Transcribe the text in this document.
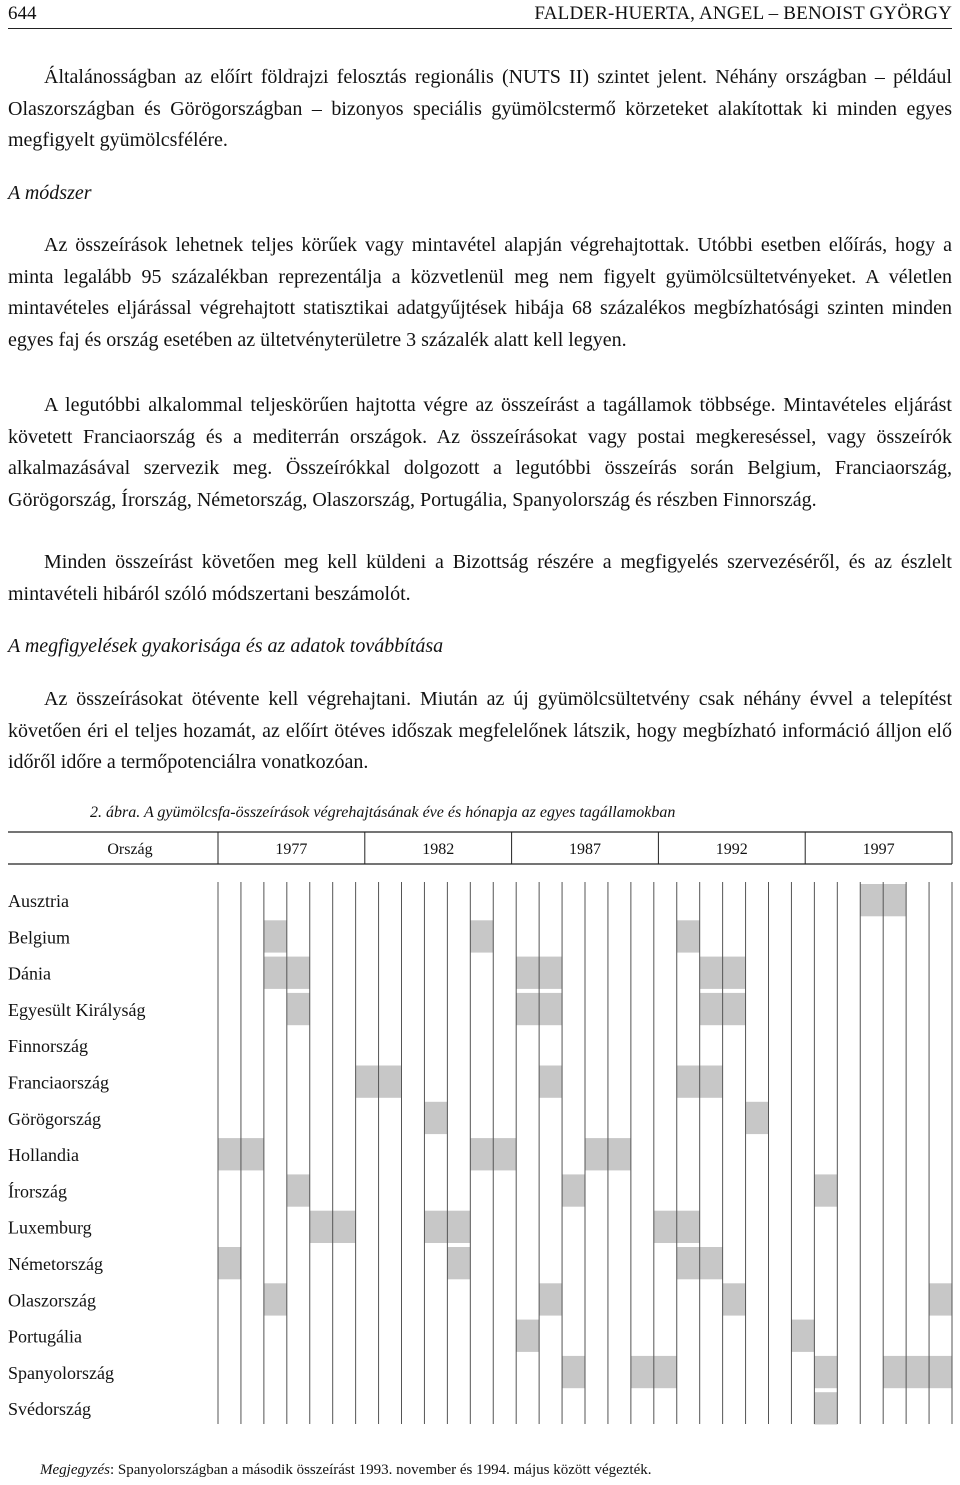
644	FALDER-HUERTA, ANGEL – BENOIST GYÖRGY

Általánosságban az előírt földrajzi felosztás regionális (NUTS II) szintet jelent. Néhány országban – például Olaszországban és Görögországban – bizonyos speciális gyümölcstermő körzeteket alakítottak ki minden egyes megfigyelt gyümölcsfélére.

A módszer

Az összeírások lehetnek teljes körűek vagy mintavétel alapján végrehajtottak. Utóbbi esetben előírás, hogy a minta legalább 95 százalékban reprezentálja a közvetlenül meg nem figyelt gyümölcsültetvényeket. A véletlen mintavételes eljárással végrehajtott statisztikai adatgyűjtések hibája 68 százalékos megbízhatósági szinten minden egyes faj és ország esetében az ültetvényterületre 3 százalék alatt kell legyen.

A legutóbbi alkalommal teljeskörűen hajtotta végre az összeírást a tagállamok többsége. Mintavételes eljárást követett Franciaország és a mediterrán országok. Az összeírásokat vagy postai megkereséssel, vagy összeírók alkalmazásával szervezik meg. Összeírókkal dolgozott a legutóbbi összeírás során Belgium, Franciaország, Görögország, Írország, Németország, Olaszország, Portugália, Spanyolország és részben Finnország.

Minden összeírást követően meg kell küldeni a Bizottság részére a megfigyelés szervezéséről, és az észlelt mintavételi hibáról szóló módszertani beszámolót.

A megfigyelések gyakorisága és az adatok továbbítása

Az összeírásokat ötévente kell végrehajtani. Miután az új gyümölcsültetvény csak néhány évvel a telepítést követően éri el teljes hozamát, az előírt ötéves időszak megfelelőnek látszik, hogy megbízható információ álljon elő időről időre a termőpotenciálra vonatkozóan.

2. ábra. A gyümölcsfa-összeírások végrehajtásának éve és hónapja az egyes tagállamokban
Ország	1977	1982	1987	1992	1997
Ausztria
Belgium
Dánia
Egyesült Királyság
Finnország
Franciaország
Görögország
Hollandia
Írország
Luxemburg
Németország
Olaszország
Portugália
Spanyolország
Svédország
Megjegyzés: Spanyolországban a második összeírást 1993. november és 1994. május között végezték.
